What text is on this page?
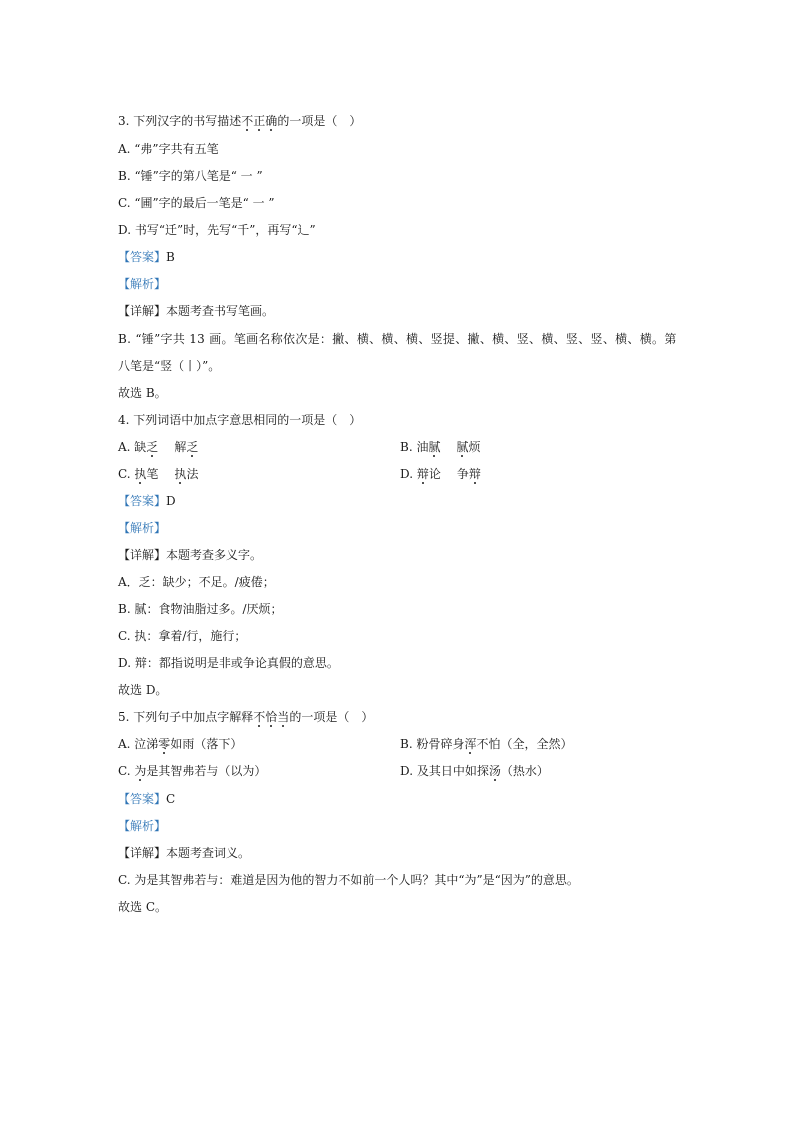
3. 下列汉字的书写描述不正确的一项是（　）

A. “弗”字共有五笔

B. “锤”字的第八笔是“ 一 ”

C. “圃”字的最后一笔是“ 一 ”

D. 书写“迁”时，先写“千”，再写“辶”

【答案】B

【解析】

【详解】本题考查书写笔画。

B. “锤”字共 13 画。笔画名称依次是：撇、横、横、横、竖提、撇、横、竖、横、竖、竖、横、横。第

八笔是“竖（丨）”。

故选 B。

4. 下列词语中加点字意思相同的一项是（　）

A. 缺乏 解乏	B. 油腻 腻烦

C. 执笔 执法	D. 辩论 争辩

【答案】D

【解析】

【详解】本题考查多义字。

A．乏：缺少；不足。/疲倦；

B. 腻：食物油脂过多。/厌烦；

C. 执：拿着/行，施行；

D. 辩：都指说明是非或争论真假的意思。

故选 D。

5. 下列句子中加点字解释不恰当的一项是（　）

A. 泣涕零如雨（落下）	B. 粉骨碎身浑不怕（全，全然）

C. 为是其智弗若与（以为）	D. 及其日中如探汤（热水）

【答案】C

【解析】

【详解】本题考查词义。

C. 为是其智弗若与：难道是因为他的智力不如前一个人吗？其中“为”是“因为”的意思。

故选 C。
